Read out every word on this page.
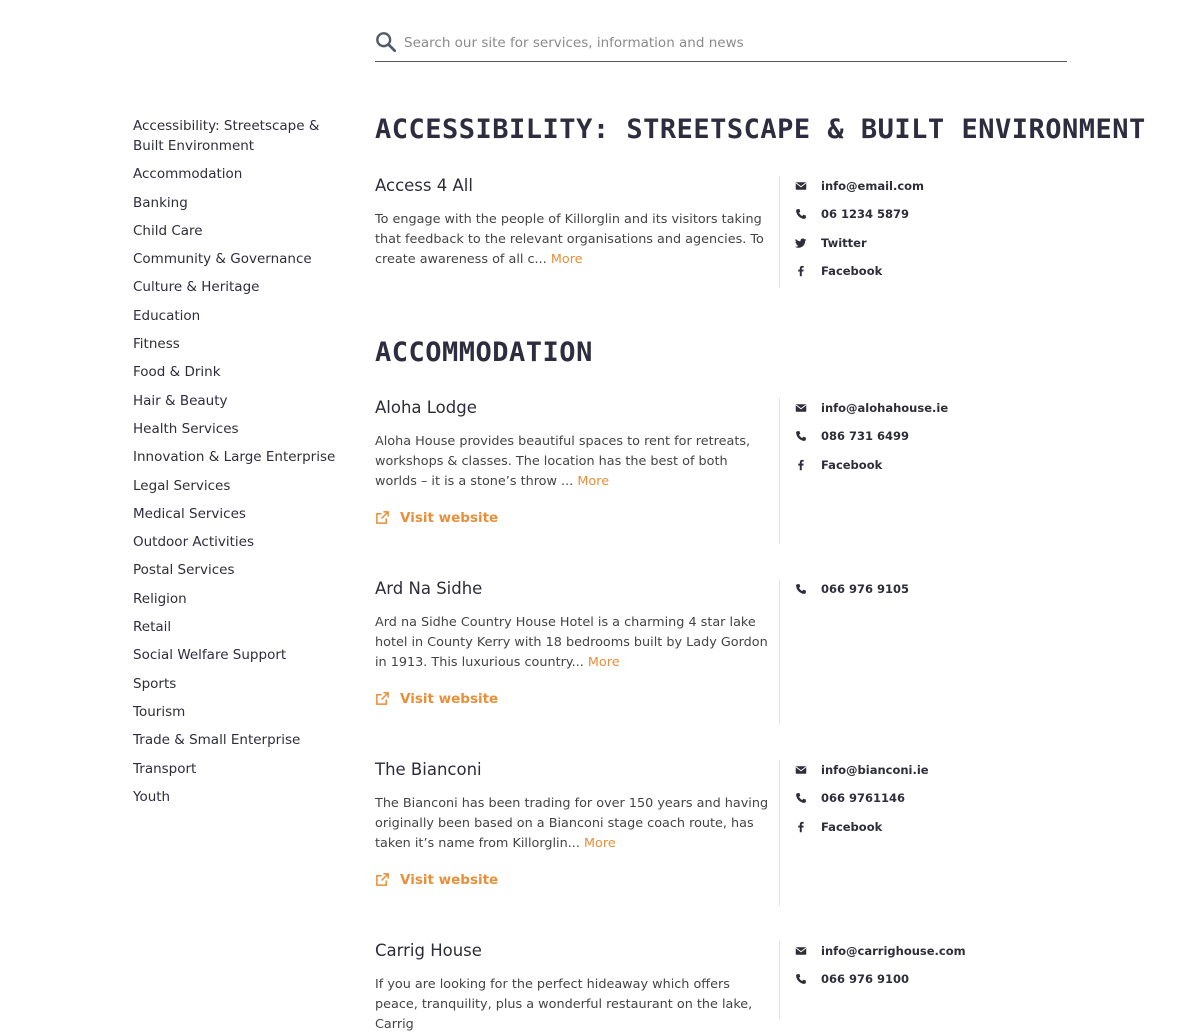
Search our site for services, information and news
Accessibility: Streetscape & Built Environment
Accommodation
Banking
Child Care
Community & Governance
Culture & Heritage
Education
Fitness
Food & Drink
Hair & Beauty
Health Services
Innovation & Large Enterprise
Legal Services
Medical Services
Outdoor Activities
Postal Services
Religion
Retail
Social Welfare Support
Sports
Tourism
Trade & Small Enterprise
Transport
Youth
ACCESSIBILITY: STREETSCAPE & BUILT ENVIRONMENT
Access 4 All

To engage with the people of Killorglin and its visitors taking that feedback to the relevant organisations and agencies. To create awareness of all c... More

info@email.com
06 1234 5879
Twitter
Facebook
ACCOMMODATION
Aloha Lodge

Aloha House provides beautiful spaces to rent for retreats, workshops & classes. The location has the best of both worlds – it is a stone’s throw ... More

Visit website
info@alohahouse.ie
086 731 6499
Facebook
Ard Na Sidhe

Ard na Sidhe Country House Hotel is a charming 4 star lake hotel in County Kerry with 18 bedrooms built by Lady Gordon in 1913. This luxurious country... More

Visit website
066 976 9105
The Bianconi

The Bianconi has been trading for over 150 years and having originally been based on a Bianconi stage coach route, has taken it’s name from Killorglin... More

Visit website
info@bianconi.ie
066 9761146
Facebook
Carrig House

If you are looking for the perfect hideaway which offers peace, tranquility, plus a wonderful restaurant on the lake, Carrig

info@carrighouse.com
066 976 9100
